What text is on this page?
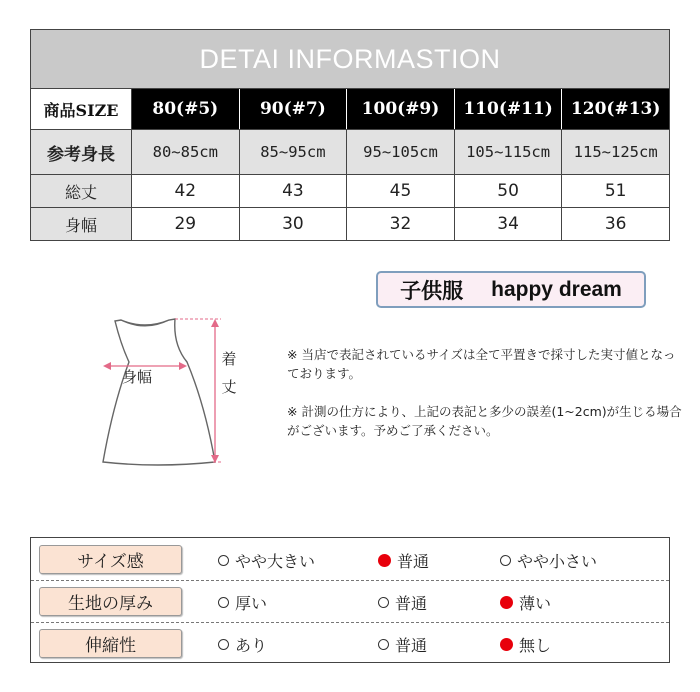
DETAI INFORMASTION
商品SIZE	80(#5)	90(#7)	100(#9)	110(#11)	120(#13)
参考身長	80~85cm	85~95cm	95~105cm	105~115cm	115~125cm
総丈	42	43	45	50	51
身幅	29	30	32	34	36
子供服 happy dream
身幅
着
丈

※ 当店で表記されているサイズは全て平置きで採寸した実寸値となっております。

※ 計測の仕方により、上記の表記と多少の誤差(1~2cm)が生じる場合がございます。予めご了承ください。

サイズ感	やや大きい	普通	やや小さい
生地の厚み	厚い	普通	薄い
伸縮性	あり	普通	無し
